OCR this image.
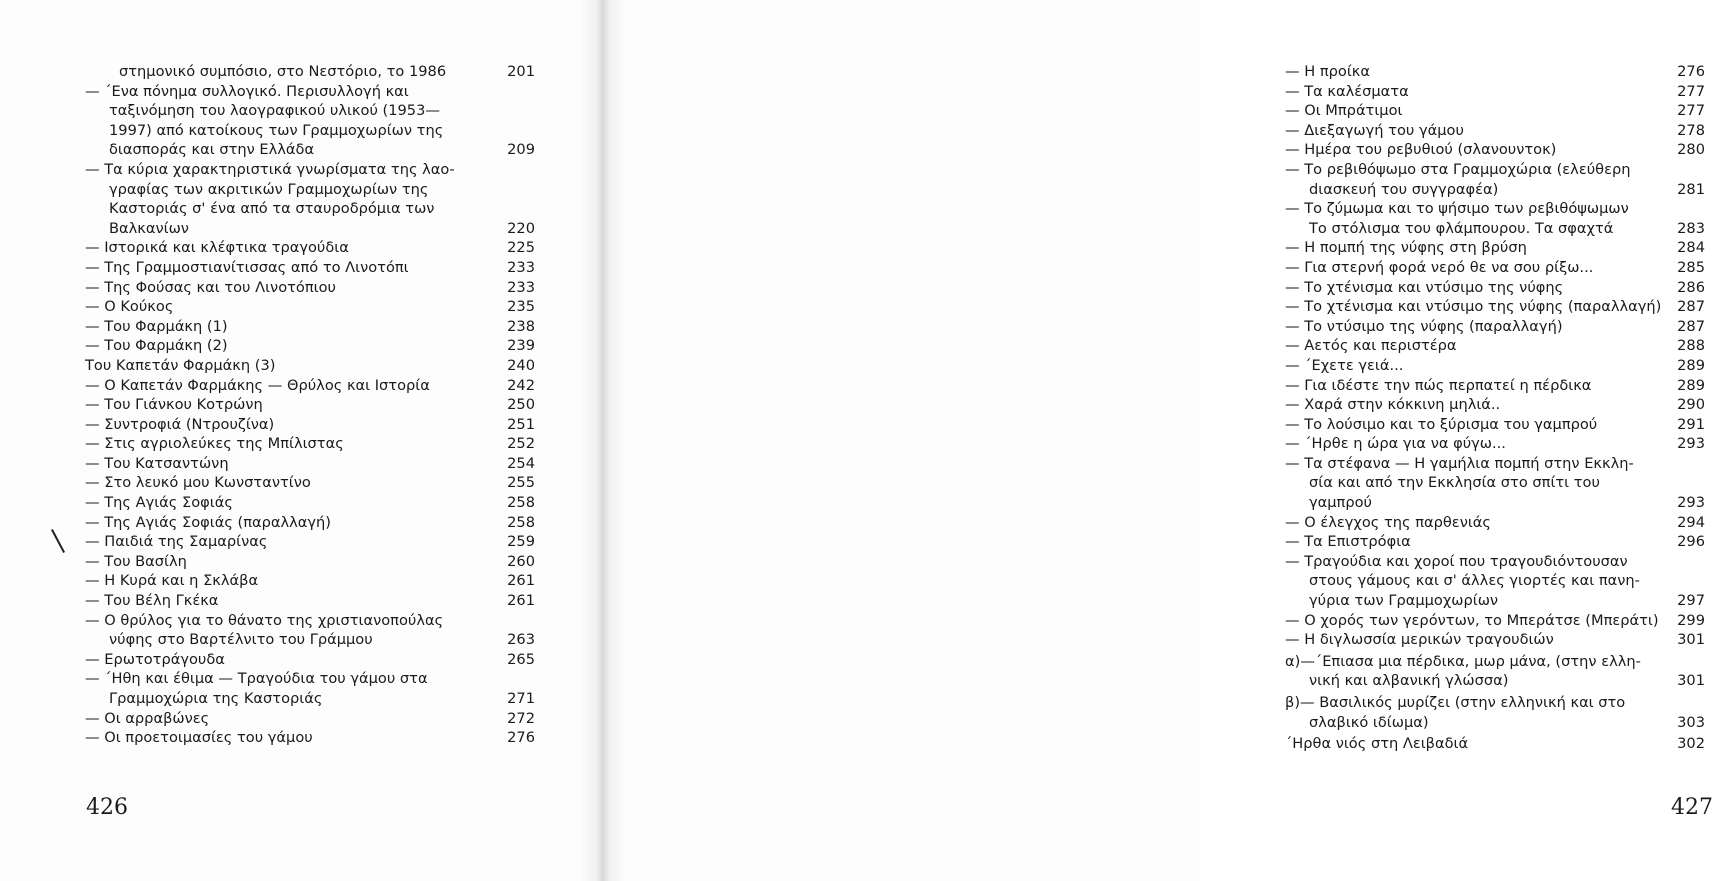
στημονικό συμπόσιο, στο Νεστόριο, το 1986	201
— ΄Ενα πόνημα συλλογικό. Περισυλλογή και
ταξινόμηση του λαογραφικού υλικού (1953—
1997) από κατοίκους των Γραμμοχωρίων της
διασποράς και στην Ελλάδα	209
— Τα κύρια χαρακτηριστικά γνωρίσματα της λαο-
γραφίας των ακριτικών Γραμμοχωρίων της
Καστοριάς σ' ένα από τα σταυροδρόμια των
Βαλκανίων	220
— Ιστορικά και κλέφτικα τραγούδια	225
— Της Γραμμοστιανίτισσας από το Λινοτόπι	233
— Της Φούσας και του Λινοτόπιου	233
— Ο Κούκος	235
— Του Φαρμάκη (1)	238
— Του Φαρμάκη (2)	239
Του Καπετάν Φαρμάκη (3)	240
— Ο Καπετάν Φαρμάκης — Θρύλος και Ιστορία	242
— Του Γιάνκου Κοτρώνη	250
— Συντροφιά (Ντρουζίνα)	251
— Στις αγριολεύκες της Μπίλιστας	252
— Του Κατσαντώνη	254
— Στο λευκό μου Κωνσταντίνο	255
— Της Αγιάς Σοφιάς	258
— Της Αγιάς Σοφιάς (παραλλαγή)	258
— Παιδιά της Σαμαρίνας	259
— Του Βασίλη	260
— Η Κυρά και η Σκλάβα	261
— Του Βέλη Γκέκα	261
— Ο θρύλος για το θάνατο της χριστιανοπούλας
νύφης στο Βαρτέλνιτο του Γράμμου	263
— Ερωτοτράγουδα	265
— ΄Ηθη και έθιμα — Τραγούδια του γάμου στα
Γραμμοχώρια της Καστοριάς	271
— Οι αρραβώνες	272
— Οι προετοιμασίες του γάμου	276
426
— Η προίκα	276
— Τα καλέσματα	277
— Οι Μπράτιμοι	277
— Διεξαγωγή του γάμου	278
— Ημέρα του ρεβυθιού (σλανουντοκ)	280
— Το ρεβιθόψωμο στα Γραμμοχώρια (ελεύθερη
dιασκευή του συγγραφέα)	281
— Το ζύμωμα και το ψήσιμο των ρεβιθόψωμων
Το στόλισμα του φλάμπουρου. Τα σφαχτά	283
— Η πομπή της νύφης στη βρύση	284
— Για στερνή φορά νερό θε να σου ρίξω...	285
— Το χτένισμα και ντύσιμο της νύφης	286
— Το χτένισμα και ντύσιμο της νύφης (παραλλαγή)	287
— Το ντύσιμο της νύφης (παραλλαγή)	287
— Αετός και περιστέρα	288
— ΄Εχετε γειά...	289
— Για ιδέστε την πώς περπατεί η πέρδικα	289
— Χαρά στην κόκκινη μηλιά..	290
— Το λούσιμο και το ξύρισμα του γαμπρού	291
— ΄Ηρθε η ώρα για να φύγω...	293
— Τα στέφανα — Η γαμήλια πομπή στην Εκκλη-
σία και από την Εκκλησία στο σπίτι του
γαμπρού	293
— Ο έλεγχος της παρθενιάς	294
— Τα Επιστρόφια	296
— Τραγούδια και χοροί που τραγουδιόντουσαν
στους γάμους και σ' άλλες γιορτές και πανη-
γύρια των Γραμμοχωρίων	297
— Ο χορός των γερόντων, το Μπεράτσε (Μπεράτι)	299
— Η διγλωσσία μερικών τραγουδιών	301
α)—΄Επιασα μια πέρδικα, μωρ μάνα, (στην ελλη-
νική και αλβανική γλώσσα)	301
β)— Βασιλικός μυρίζει (στην ελληνική και στο
σλαβικό ιδίωμα)	303
΄Ηρθα νιός στη Λειβαδιά	302
427
